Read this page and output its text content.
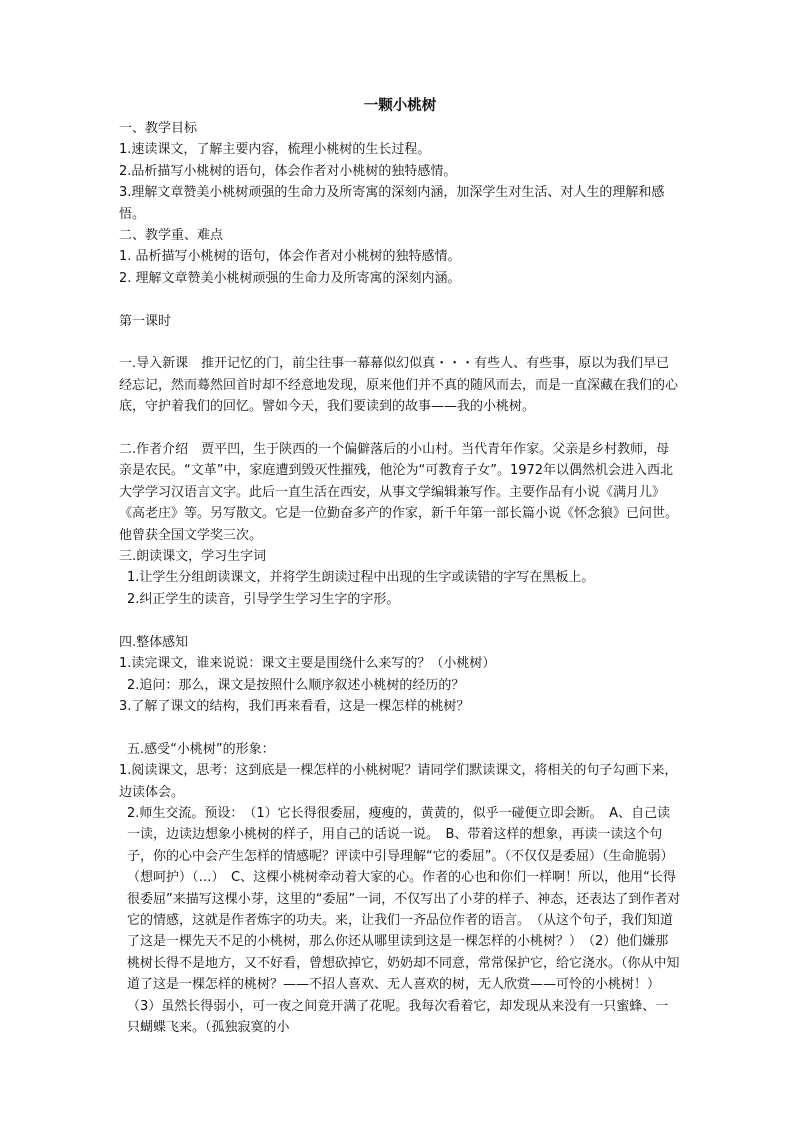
一颗小桃树

一、教学目标

1.速读课文，了解主要内容，梳理小桃树的生长过程。

2.品析描写小桃树的语句，体会作者对小桃树的独特感情。

3.理解文章赞美小桃树顽强的生命力及所寄寓的深刻内涵，加深学生对生活、对人生的理解和感悟。

二、教学重、难点

1. 品析描写小桃树的语句，体会作者对小桃树的独特感情。

2. 理解文章赞美小桃树顽强的生命力及所寄寓的深刻内涵。

第一课时

一.导入新课　推开记忆的门，前尘往事一幕幕似幻似真・・・有些人、有些事，原以为我们早已经忘记，然而蓦然回首时却不经意地发现，原来他们并不真的随风而去，而是一直深藏在我们的心底，守护着我们的回忆。譬如今天，我们要读到的故事——我的小桃树。

二.作者介绍　贾平凹，生于陕西的一个偏僻落后的小山村。当代青年作家。父亲是乡村教师，母亲是农民。“文革”中，家庭遭到毁灭性摧残，他沦为“可教育子女”。1972年以偶然机会进入西北大学学习汉语言文字。此后一直生活在西安，从事文学编辑兼写作。主要作品有小说《满月儿》《高老庄》等。另写散文。它是一位勤奋多产的作家，新千年第一部长篇小说《怀念狼》已问世。他曾获全国文学奖三次。

三.朗读课文，学习生字词

1.让学生分组朗读课文，并将学生朗读过程中出现的生字或读错的字写在黑板上。

2.纠正学生的读音，引导学生学习生字的字形。

四.整体感知

1.读完课文，谁来说说：课文主要是围绕什么来写的？（小桃树）

2.追问：那么，课文是按照什么顺序叙述小桃树的经历的？

3.了解了课文的结构，我们再来看看，这是一棵怎样的桃树？

五.感受“小桃树”的形象：

1.阅读课文，思考：这到底是一棵怎样的小桃树呢？请同学们默读课文，将相关的句子勾画下来，边读体会。

2.师生交流。预设：　（1）它长得很委屈，瘦瘦的，黄黄的，似乎一碰便立即会断。　A、自己读一读，边读边想象小桃树的样子，用自己的话说一说。　B、带着这样的想象，再读一读这个句子，你的心中会产生怎样的情感呢？评读中引导理解“它的委屈”。（不仅仅是委屈）（生命脆弱）（想呵护）（…）　C、这棵小桃树牵动着大家的心。作者的心也和你们一样啊！所以，他用“长得很委屈”来描写这棵小芽，这里的“委屈”一词，不仅写出了小芽的样子、神态，还表达了到作者对它的情感，这就是作者炼字的功夫。来，让我们一齐品位作者的语言。　（从这个句子，我们知道了这是一棵先天不足的小桃树，那么你还从哪里读到这是一棵怎样的小桃树？）　（2）他们嫌那桃树长得不是地方，又不好看，曾想砍掉它，奶奶却不同意，常常保护它，给它浇水。（你从中知道了这是一棵怎样的桃树？——不招人喜欢、无人喜欢的树，无人欣赏——可怜的小桃树！）　（3）虽然长得弱小，可一夜之间竟开满了花呢。我每次看着它，却发现从来没有一只蜜蜂、一只蝴蝶飞来。（孤独寂寞的小
